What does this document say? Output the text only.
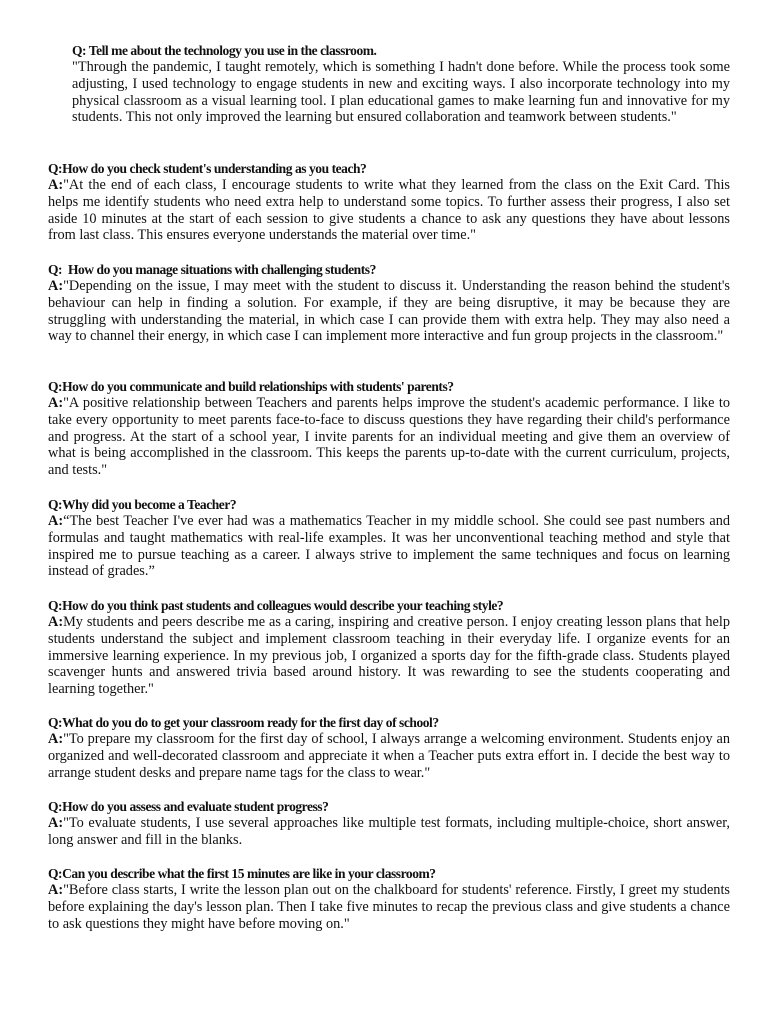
Q: Tell me about the technology you use in the classroom.

"Through the pandemic, I taught remotely, which is something I hadn't done before. While the process took some adjusting, I used technology to engage students in new and exciting ways. I also incorporate technology into my physical classroom as a visual learning tool. I plan educational games to make learning fun and innovative for my students. This not only improved the learning but ensured collaboration and teamwork between students."

Q:How do you check student's understanding as you teach?

A:"At the end of each class, I encourage students to write what they learned from the class on the Exit Card. This helps me identify students who need extra help to understand some topics. To further assess their progress, I also set aside 10 minutes at the start of each session to give students a chance to ask any questions they have about lessons from last class. This ensures everyone understands the material over time."

Q:  How do you manage situations with challenging students?

A:"Depending on the issue, I may meet with the student to discuss it. Understanding the reason behind the student's behaviour can help in finding a solution. For example, if they are being disruptive, it may be because they are struggling with understanding the material, in which case I can provide them with extra help. They may also need a way to channel their energy, in which case I can implement more interactive and fun group projects in the classroom."

Q:How do you communicate and build relationships with students' parents?

A:"A positive relationship between Teachers and parents helps improve the student's academic performance. I like to take every opportunity to meet parents face-to-face to discuss questions they have regarding their child's performance and progress. At the start of a school year, I invite parents for an individual meeting and give them an overview of what is being accomplished in the classroom. This keeps the parents up-to-date with the current curriculum, projects, and tests."

Q:Why did you become a Teacher?

A:“The best Teacher I've ever had was a mathematics Teacher in my middle school. She could see past numbers and formulas and taught mathematics with real-life examples. It was her unconventional teaching method and style that inspired me to pursue teaching as a career. I always strive to implement the same techniques and focus on learning instead of grades.”

Q:How do you think past students and colleagues would describe your teaching style?

A:My students and peers describe me as a caring, inspiring and creative person. I enjoy creating lesson plans that help students understand the subject and implement classroom teaching in their everyday life. I organize events for an immersive learning experience. In my previous job, I organized a sports day for the fifth-grade class. Students played scavenger hunts and answered trivia based around history. It was rewarding to see the students cooperating and learning together."

Q:What do you do to get your classroom ready for the first day of school?

A:"To prepare my classroom for the first day of school, I always arrange a welcoming environment. Students enjoy an organized and well-decorated classroom and appreciate it when a Teacher puts extra effort in. I decide the best way to arrange student desks and prepare name tags for the class to wear."

Q:How do you assess and evaluate student progress?

A:"To evaluate students, I use several approaches like multiple test formats, including multiple-choice, short answer, long answer and fill in the blanks.

Q:Can you describe what the first 15 minutes are like in your classroom?

A:"Before class starts, I write the lesson plan out on the chalkboard for students' reference. Firstly, I greet my students before explaining the day's lesson plan. Then I take five minutes to recap the previous class and give students a chance to ask questions they might have before moving on."
